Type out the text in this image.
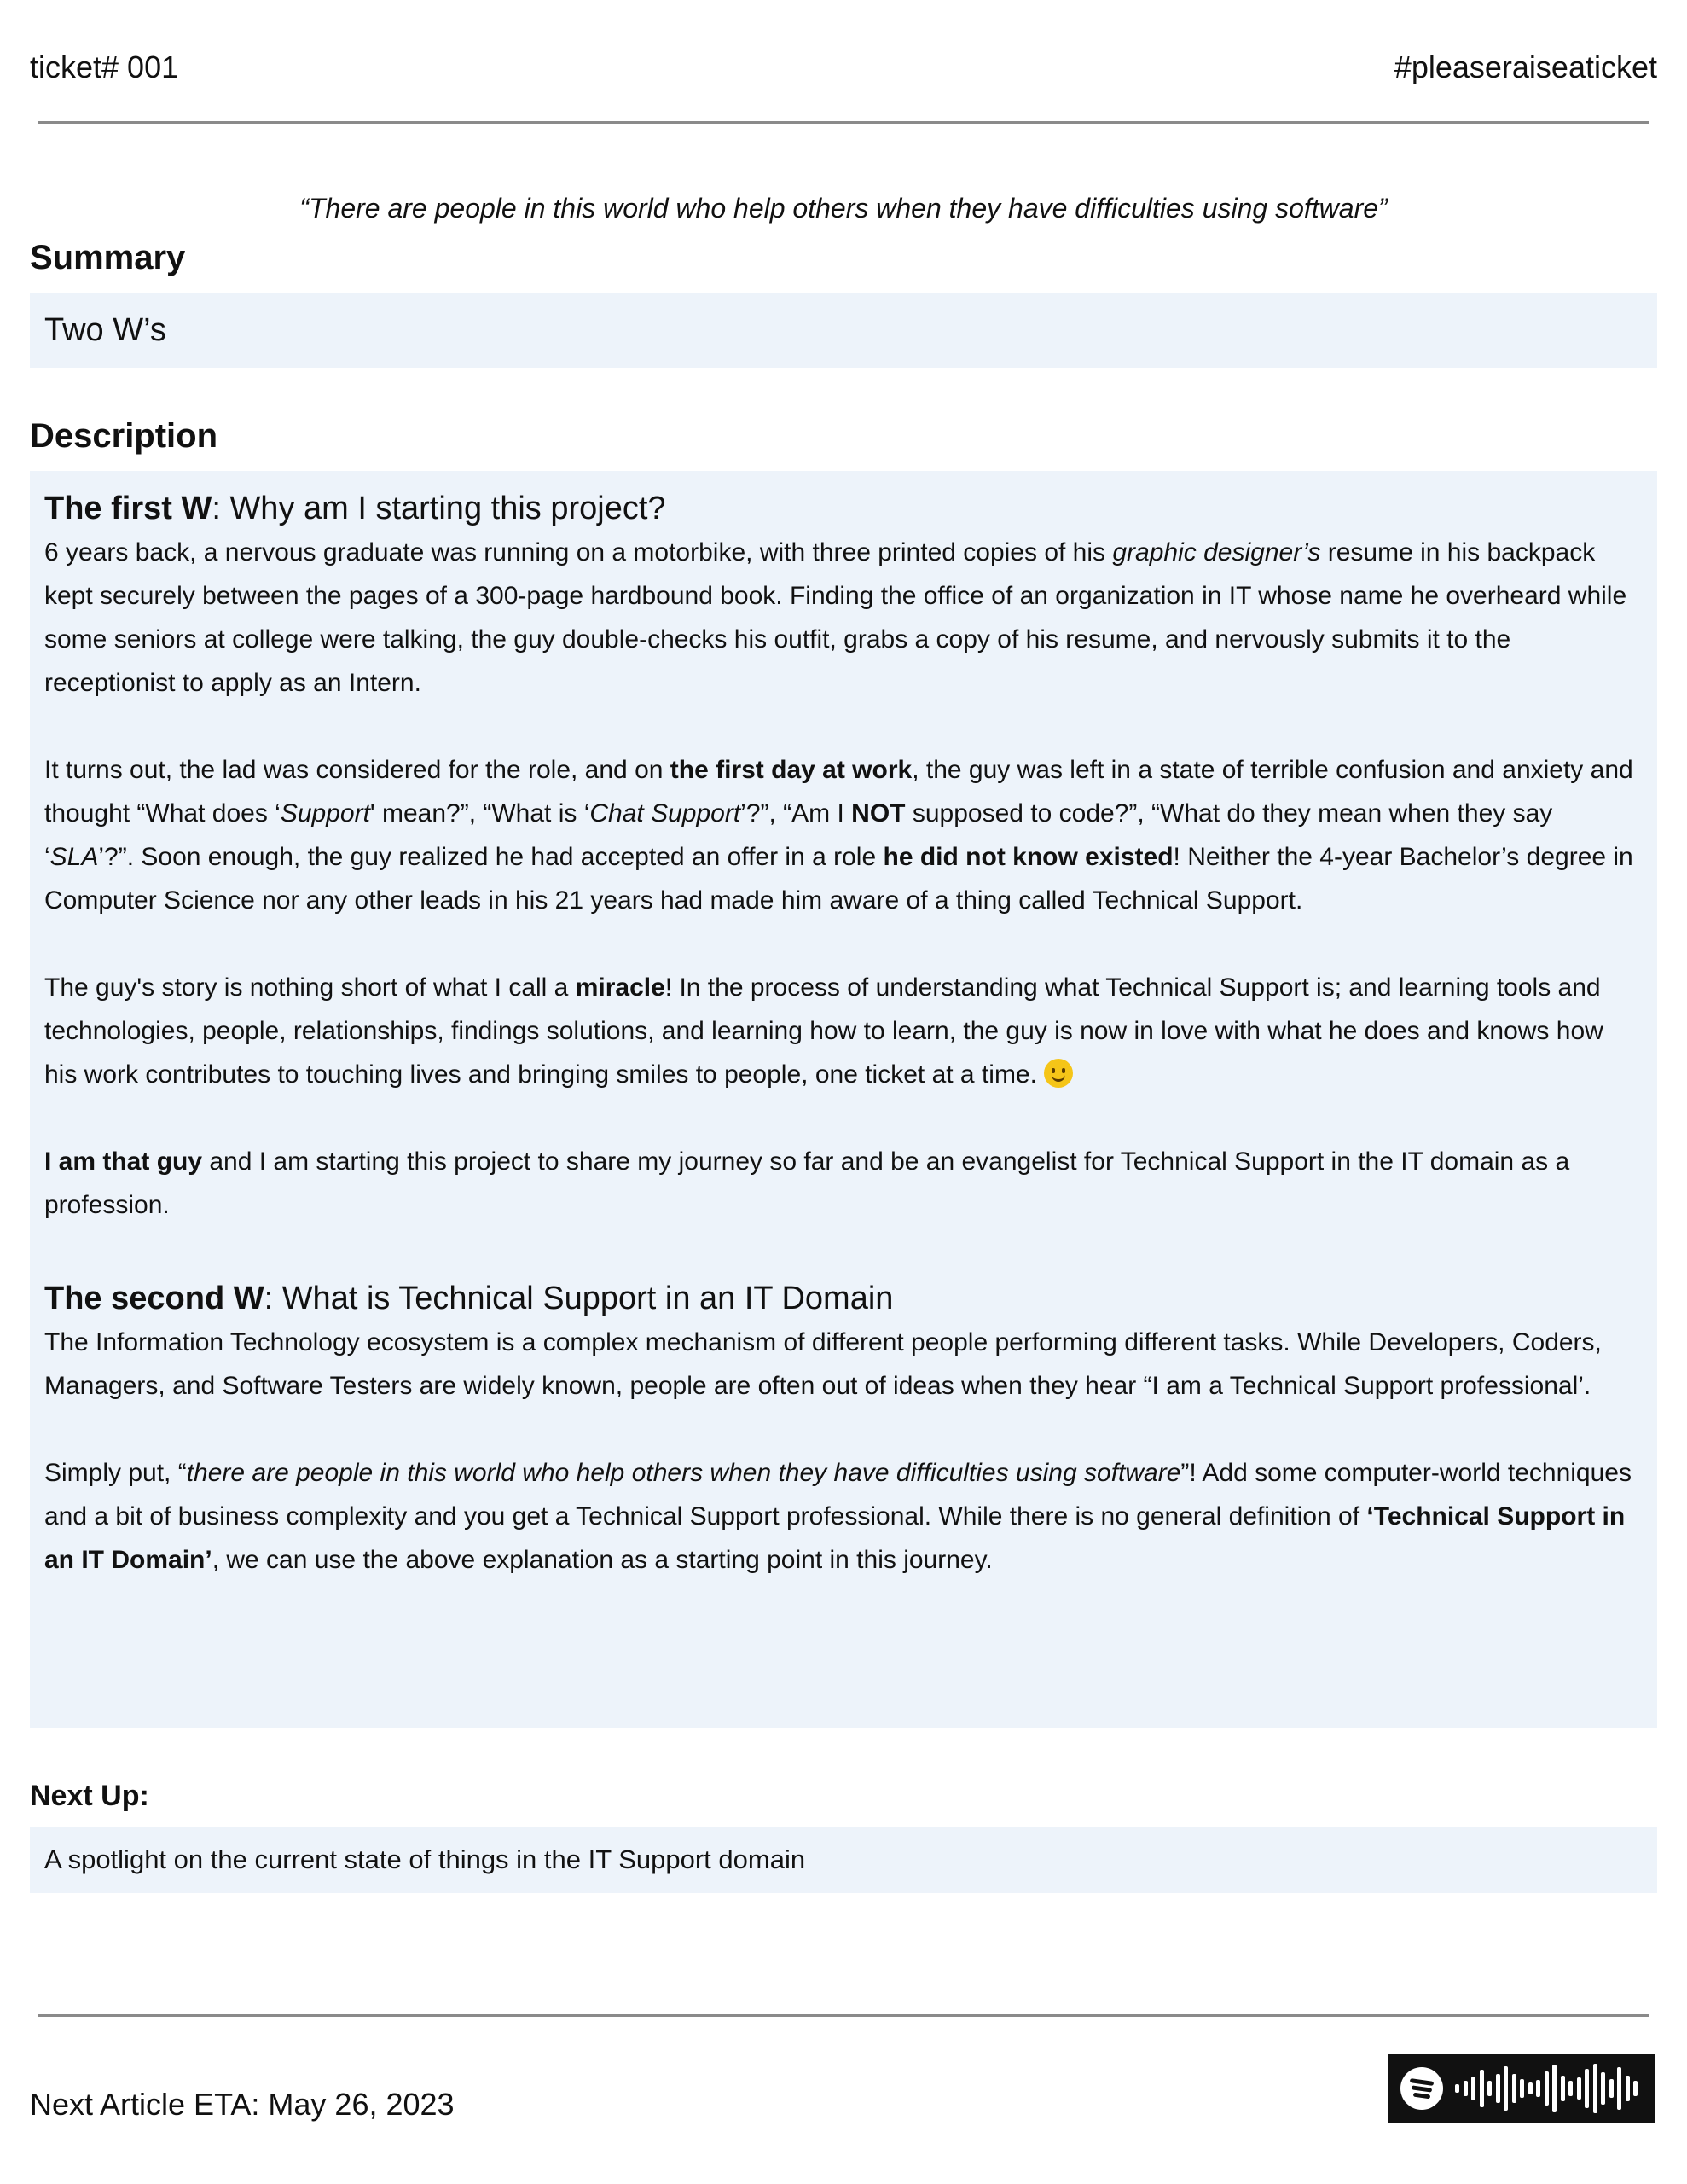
ticket# 001	#pleaseraiseaticket
“There are people in this world who help others when they have difficulties using software”
Summary
Two W’s
Description

The first W: Why am I starting this project?

6 years back, a nervous graduate was running on a motorbike, with three printed copies of his graphic designer’s resume in his backpack kept securely between the pages of a 300-page hardbound book. Finding the office of an organization in IT whose name he overheard while some seniors at college were talking, the guy double-checks his outfit, grabs a copy of his resume, and nervously submits it to the receptionist to apply as an Intern.

It turns out, the lad was considered for the role, and on the first day at work, the guy was left in a state of terrible confusion and anxiety and thought “What does ‘Support' mean?”, “What is ‘Chat Support’?”, “Am I NOT supposed to code?”, “What do they mean when they say ‘SLA’?”. Soon enough, the guy realized he had accepted an offer in a role he did not know existed! Neither the 4-year Bachelor’s degree in Computer Science nor any other leads in his 21 years had made him aware of a thing called Technical Support.

The guy's story is nothing short of what I call a miracle! In the process of understanding what Technical Support is; and learning tools and technologies, people, relationships, findings solutions, and learning how to learn, the guy is now in love with what he does and knows how his work contributes to touching lives and bringing smiles to people, one ticket at a time.

I am that guy and I am starting this project to share my journey so far and be an evangelist for Technical Support in the IT domain as a profession.

The second W: What is Technical Support in an IT Domain

The Information Technology ecosystem is a complex mechanism of different people performing different tasks. While Developers, Coders, Managers, and Software Testers are widely known, people are often out of ideas when they hear “I am a Technical Support professional’.

Simply put, “there are people in this world who help others when they have difficulties using software”! Add some computer-world techniques and a bit of business complexity and you get a Technical Support professional. While there is no general definition of ‘Technical Support in an IT Domain’, we can use the above explanation as a starting point in this journey.

Next Up:
A spotlight on the current state of things in the IT Support domain
Next Article ETA: May 26, 2023
